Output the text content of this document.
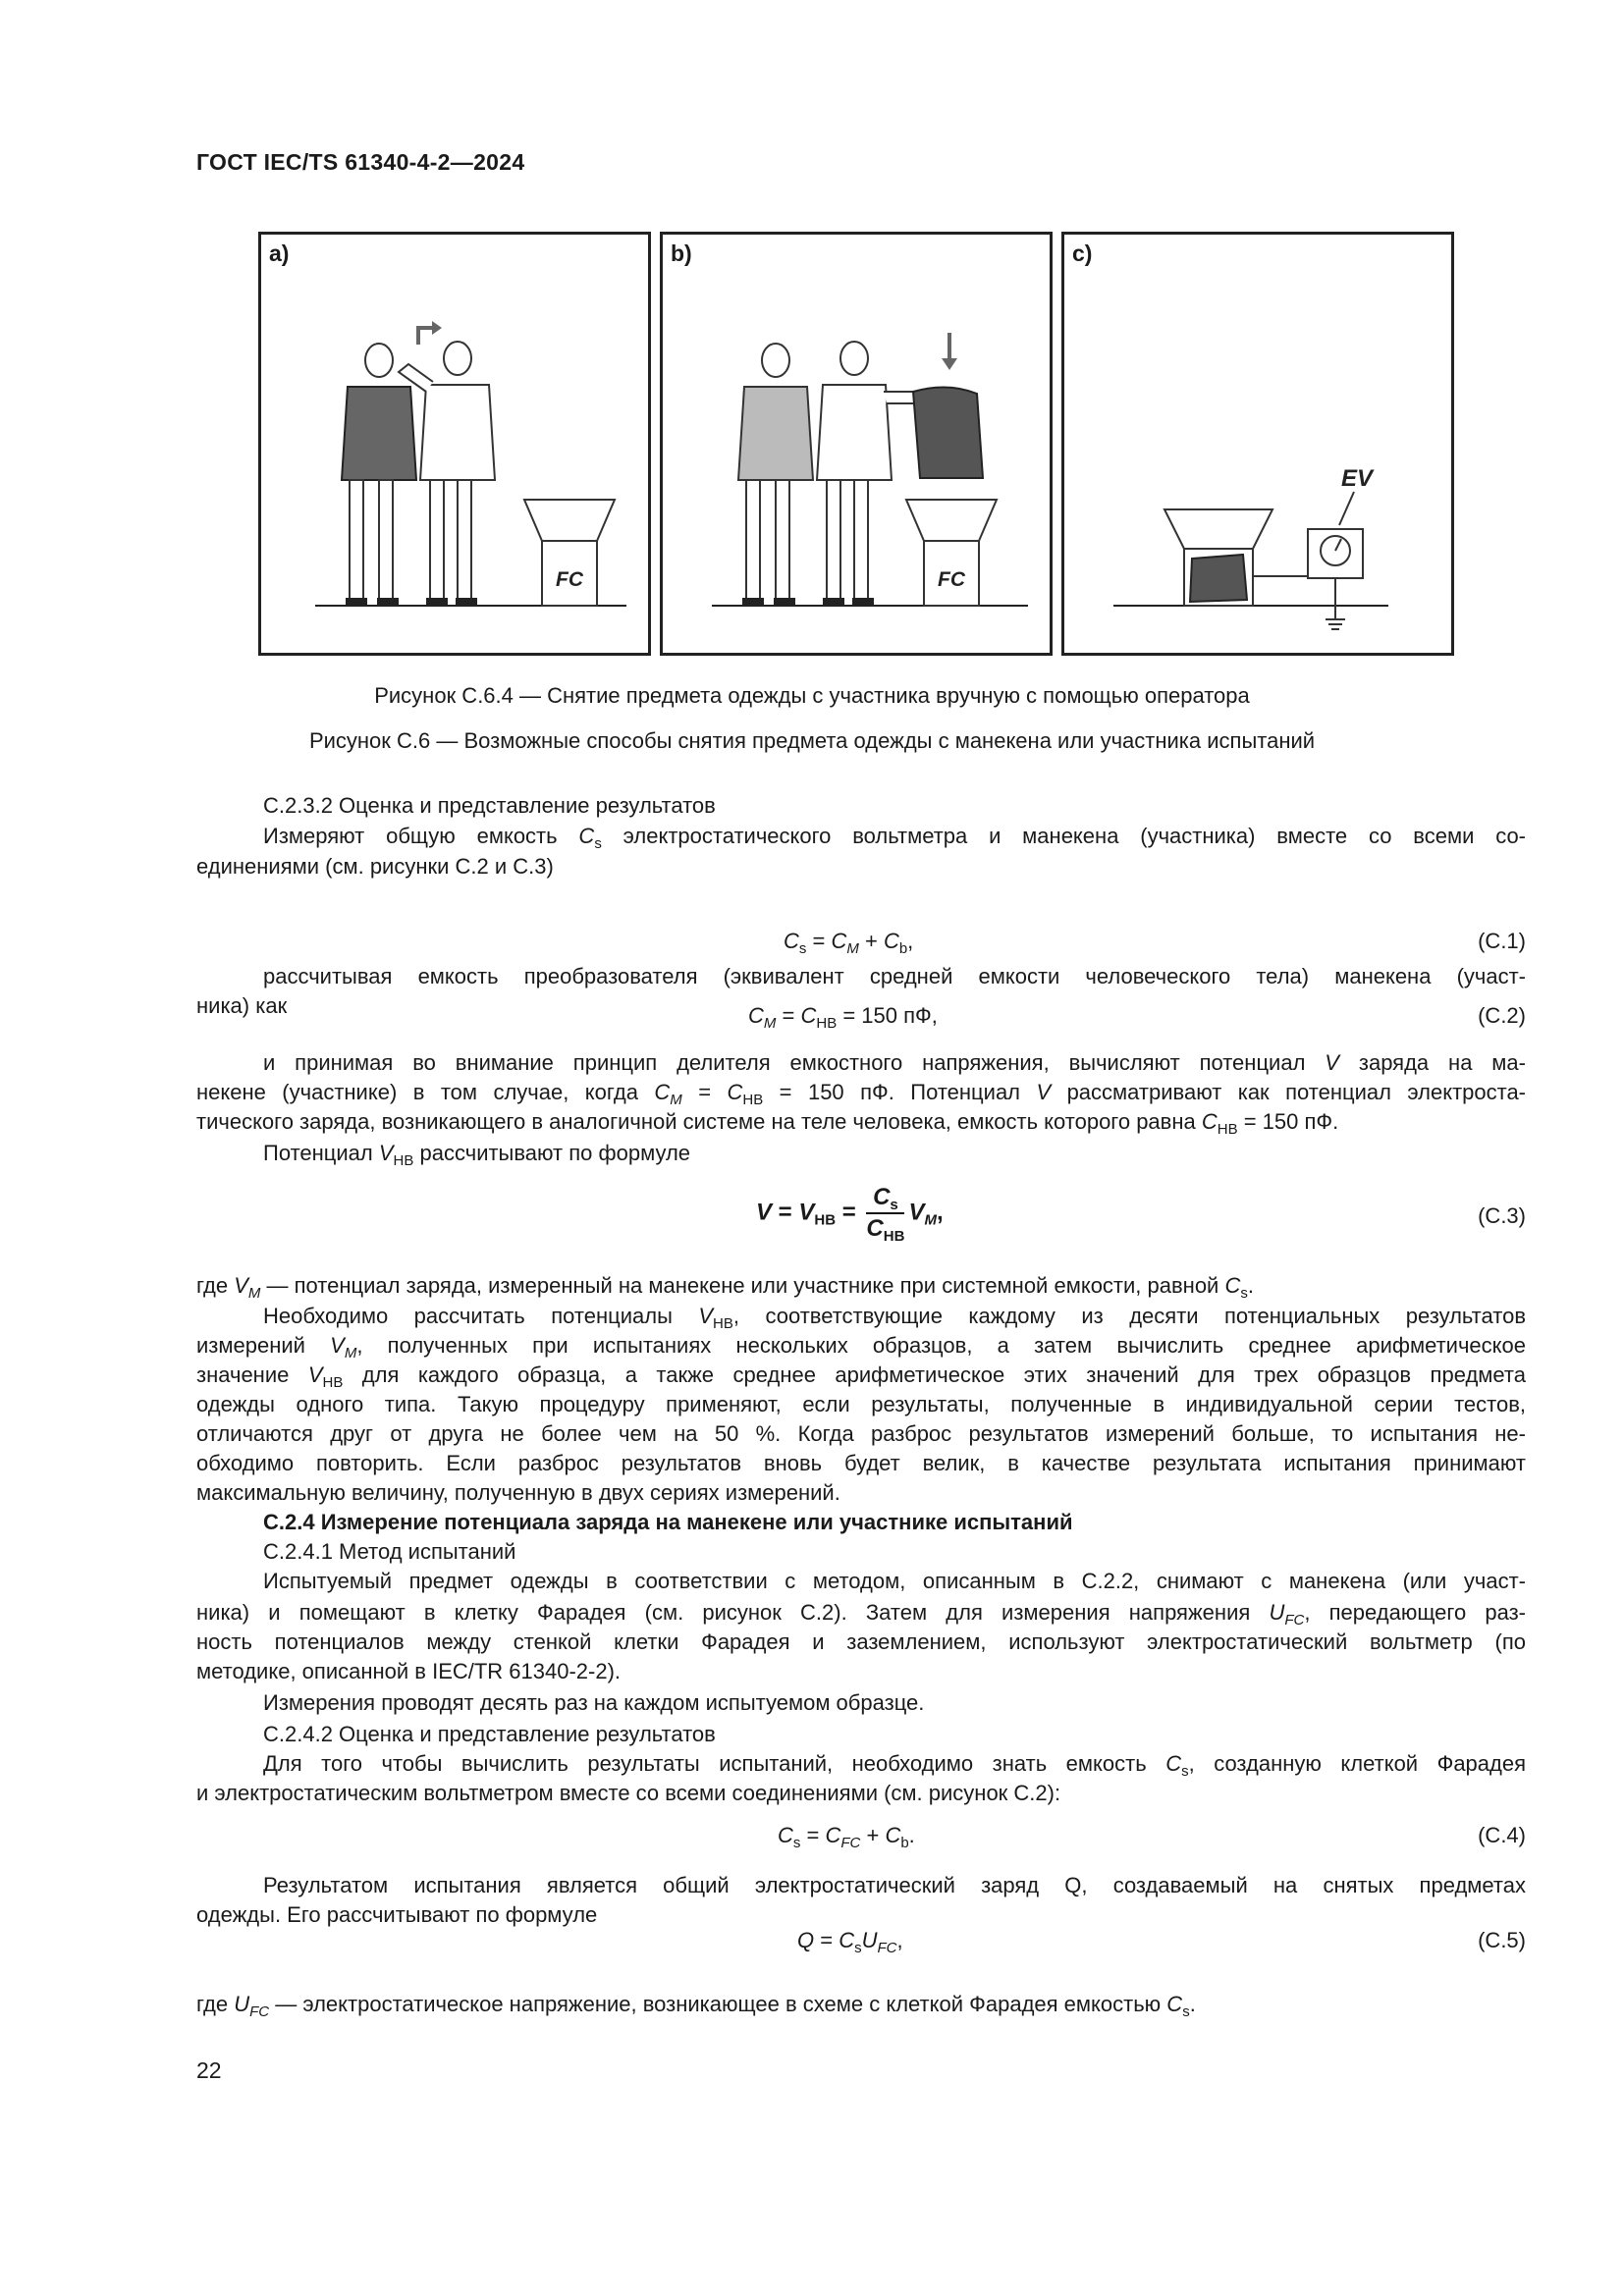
ГОСТ IEC/TS 61340-4-2—2024
a)
FC
b)
FC
c)
EV
Рисунок С.6.4 — Снятие предмета одежды с участника вручную с помощью оператора
Рисунок С.6 — Возможные способы снятия предмета одежды с манекена или участника испытаний
С.2.3.2 Оценка и представление результатов
Измеряют общую емкость $C_s$ электростатического вольтметра и манекена (участника) вместе со всеми со-
единениями (см. рисунки С.2 и С.3)
$C_s = C_M + C_b$,	(С.1)
рассчитывая емкость преобразователя (эквивалент средней емкости человеческого тела) манекена (участ-
ника) как	$C_M = C_{HB} = 150$ пФ,	(С.2)
и принимая во внимание принцип делителя емкостного напряжения, вычисляют потенциал V заряда на ма-
некене (участнике) в том случае, когда $C_M = C_{HB} = 150$ пФ. Потенциал V рассматривают как потенциал электроста-
тического заряда, возникающего в аналогичной системе на теле человека, емкость которого равна $C_{HB} = 150$ пФ.
Потенциал $V_{HB}$ рассчитывают по формуле
$V = V_{HB} = \frac{C_s}{C_{HB}} V_M$,	(С.3)
где $V_M$ — потенциал заряда, измеренный на манекене или участнике при системной емкости, равной $C_s$.
Необходимо рассчитать потенциалы $V_{HB}$, соответствующие каждому из десяти потенциальных результатов
измерений $V_M$, полученных при испытаниях нескольких образцов, а затем вычислить среднее арифметическое
значение $V_{HB}$ для каждого образца, а также среднее арифметическое этих значений для трех образцов предмета
одежды одного типа. Такую процедуру применяют, если результаты, полученные в индивидуальной серии тестов,
отличаются друг от друга не более чем на 50 %. Когда разброс результатов измерений больше, то испытания не-
обходимо повторить. Если разброс результатов вновь будет велик, в качестве результата испытания принимают
максимальную величину, полученную в двух сериях измерений.
С.2.4 Измерение потенциала заряда на манекене или участнике испытаний
С.2.4.1 Метод испытаний
Испытуемый предмет одежды в соответствии с методом, описанным в С.2.2, снимают с манекена (или участ-
ника) и помещают в клетку Фарадея (см. рисунок С.2). Затем для измерения напряжения $U_{FC}$, передающего раз-
ность потенциалов между стенкой клетки Фарадея и заземлением, используют электростатический вольтметр (по
методике, описанной в IEC/TR 61340-2-2).
Измерения проводят десять раз на каждом испытуемом образце.
С.2.4.2 Оценка и представление результатов
Для того чтобы вычислить результаты испытаний, необходимо знать емкость $C_s$, созданную клеткой Фарадея
и электростатическим вольтметром вместе со всеми соединениями (см. рисунок С.2):
$C_s = C_{FC} + C_b$.	(С.4)
Результатом испытания является общий электростатический заряд Q, создаваемый на снятых предметах
одежды. Его рассчитывают по формуле
$Q = C_sU_{FC}$,	(С.5)
где $U_{FC}$ — электростатическое напряжение, возникающее в схеме с клеткой Фарадея емкостью $C_s$.
22
